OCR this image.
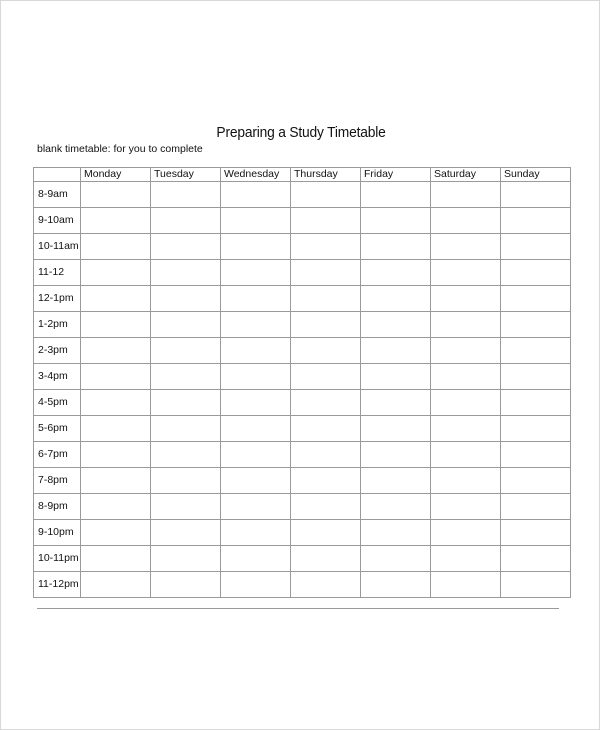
Preparing a Study Timetable
blank timetable: for you to complete
	Monday	Tuesday	Wednesday	Thursday	Friday	Saturday	Sunday
8-9am							
9-10am							
10-11am							
11-12							
12-1pm							
1-2pm							
2-3pm							
3-4pm							
4-5pm							
5-6pm							
6-7pm							
7-8pm							
8-9pm							
9-10pm							
10-11pm							
11-12pm							
